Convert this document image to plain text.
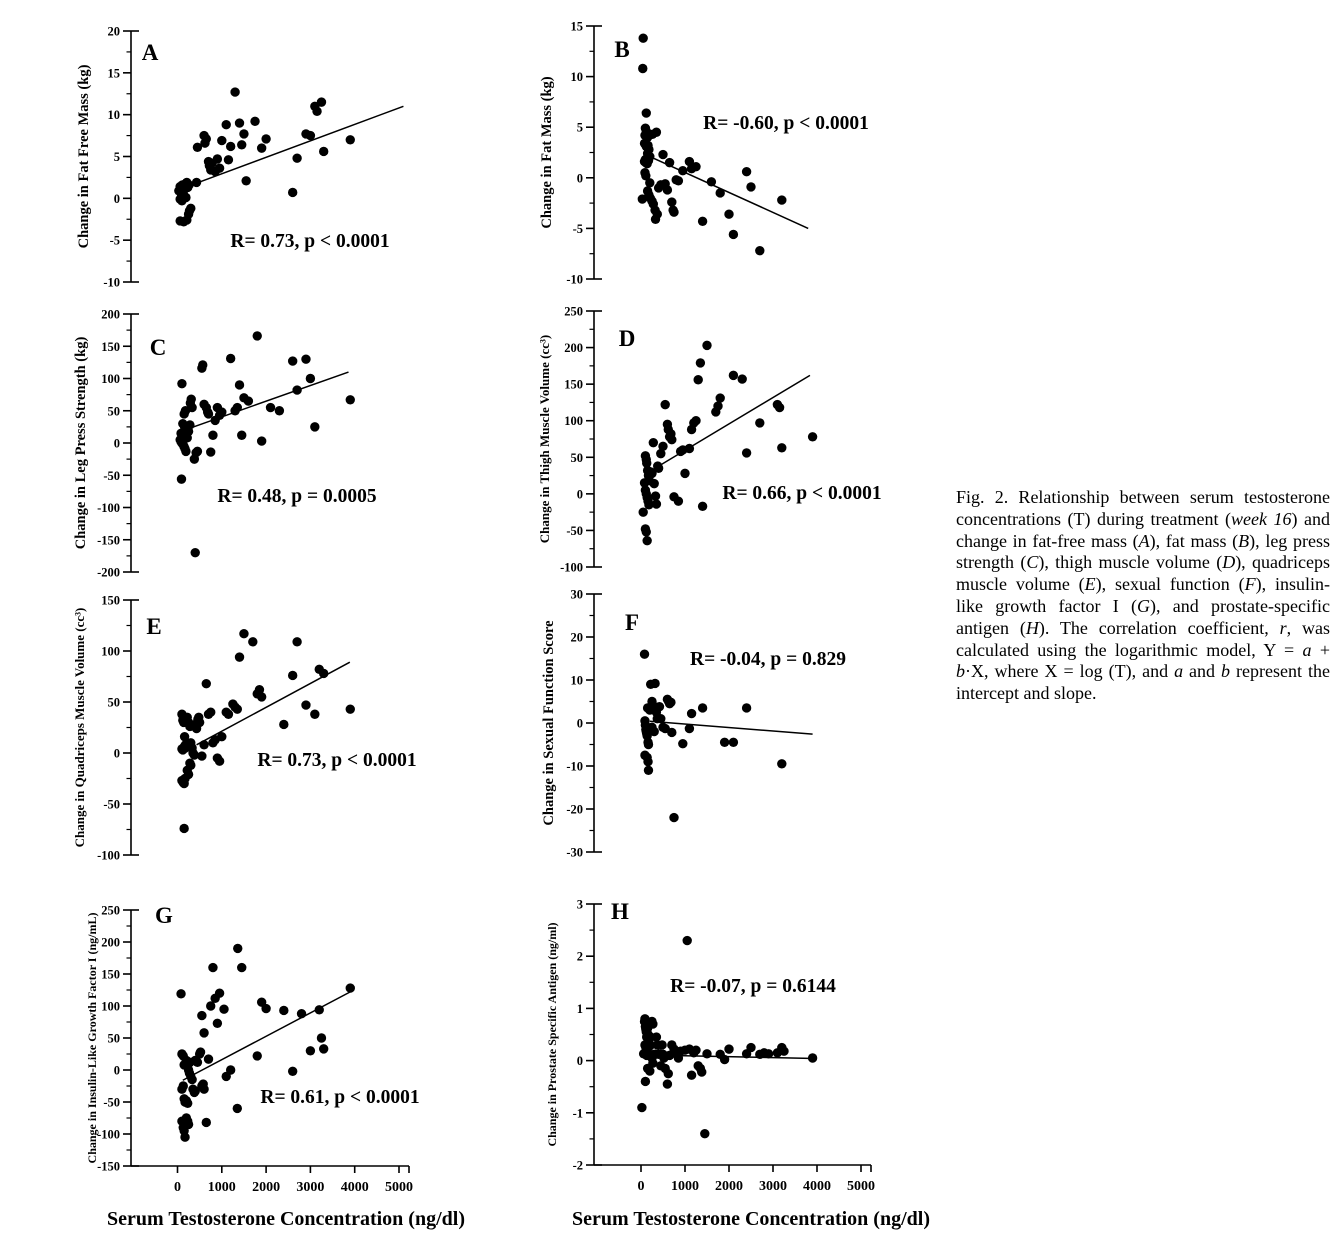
20
15
10
5
0
-5
-10
Change in Fat Free Mass (kg)
A
R= 0.73, p < 0.0001
15
10
5
0
-5
-10
Change in Fat Mass (kg)
B
R= -0.60, p < 0.0001
200
150
100
50
0
-50
-100
-150
-200
Change in Leg Press Strength (kg)	C
R= 0.48, p = 0.0005
250
200
150
100
50
0
-50
-100
Change in Thigh Muscle Volume (cc³)	D
R= 0.66, p < 0.0001
150
100
50
0
-50
-100
Change in Quadriceps Muscle Volume (cc³)	E
R= 0.73, p < 0.0001
30
20
10
0
-10
-20
-30
Change in Sexual Function Score	F
R= -0.04, p = 0.829
250
200
150
100
50
0
-50
-100
-150
Change in Insulin-Like Growth Factor I (ng/mL)
0 1000 2000 3000 4000 5000
G
R= 0.61, p < 0.0001
3
2
1
0
-1
-2
Change in Prostate Specific Antigen (ng/ml)
0 1000 2000 3000 4000 5000
H
R= -0.07, p = 0.6144
Serum Testosterone Concentration (ng/dl)	Serum Testosterone Concentration (ng/dl)
Fig. 2. Relationship between serum testosterone concentrations (T) during treatment (week 16) and change in fat-free mass (A), fat mass (B), leg press strength (C), thigh muscle volume (D), quadriceps muscle volume (E), sexual function (F), insulin-like growth factor I (G), and prostate-specific antigen (H). The correlation coefficient, r, was calculated using the logarithmic model, Y = a + b·X, where X = log (T), and a and b represent the intercept and slope.
